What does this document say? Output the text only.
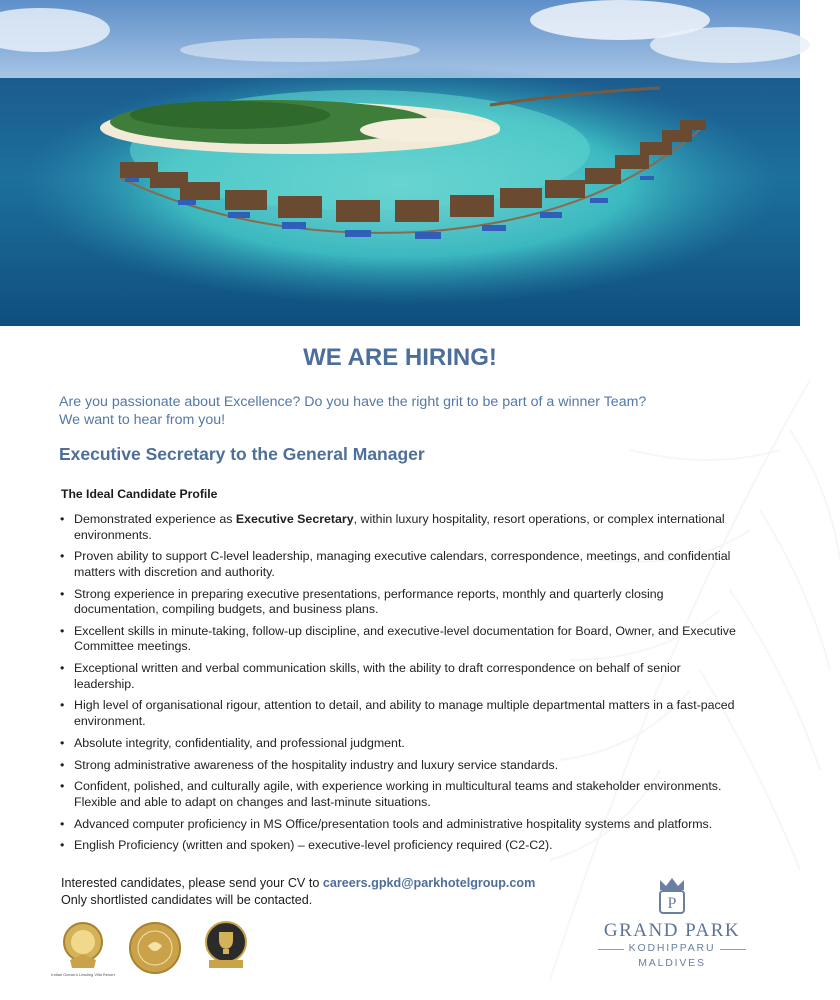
WE ARE HIRING!
Are you passionate about Excellence? Do you have the right grit to be part of a winner Team?
We want to hear from you!
Executive Secretary to the General Manager
The Ideal Candidate Profile
• Demonstrated experience as Executive Secretary, within luxury hospitality, resort operations, or complex international environments.
• Proven ability to support C-level leadership, managing executive calendars, correspondence, meetings, and confidential matters with discretion and authority.
• Strong experience in preparing executive presentations, performance reports, monthly and quarterly closing documentation, compiling budgets, and business plans.
• Excellent skills in minute-taking, follow-up discipline, and executive-level documentation for Board, Owner, and Executive Committee meetings.
• Exceptional written and verbal communication skills, with the ability to draft correspondence on behalf of senior leadership.
• High level of organisational rigour, attention to detail, and ability to manage multiple departmental matters in a fast-paced environment.
• Absolute integrity, confidentiality, and professional judgment.
• Strong administrative awareness of the hospitality industry and luxury service standards.
• Confident, polished, and culturally agile, with experience working in multicultural teams and stakeholder environments. Flexible and able to adapt on changes and last-minute situations.
• Advanced computer proficiency in MS Office/presentation tools and administrative hospitality systems and platforms.
• English Proficiency (written and spoken) – executive-level proficiency required (C2-C2).
Interested candidates, please send your CV to careers.gpkd@parkhotelgroup.com
Only shortlisted candidates will be contacted.
Indian Ocean's Leading Villa Resort
P
GRAND PARK
KODHIPPARU
MALDIVES
